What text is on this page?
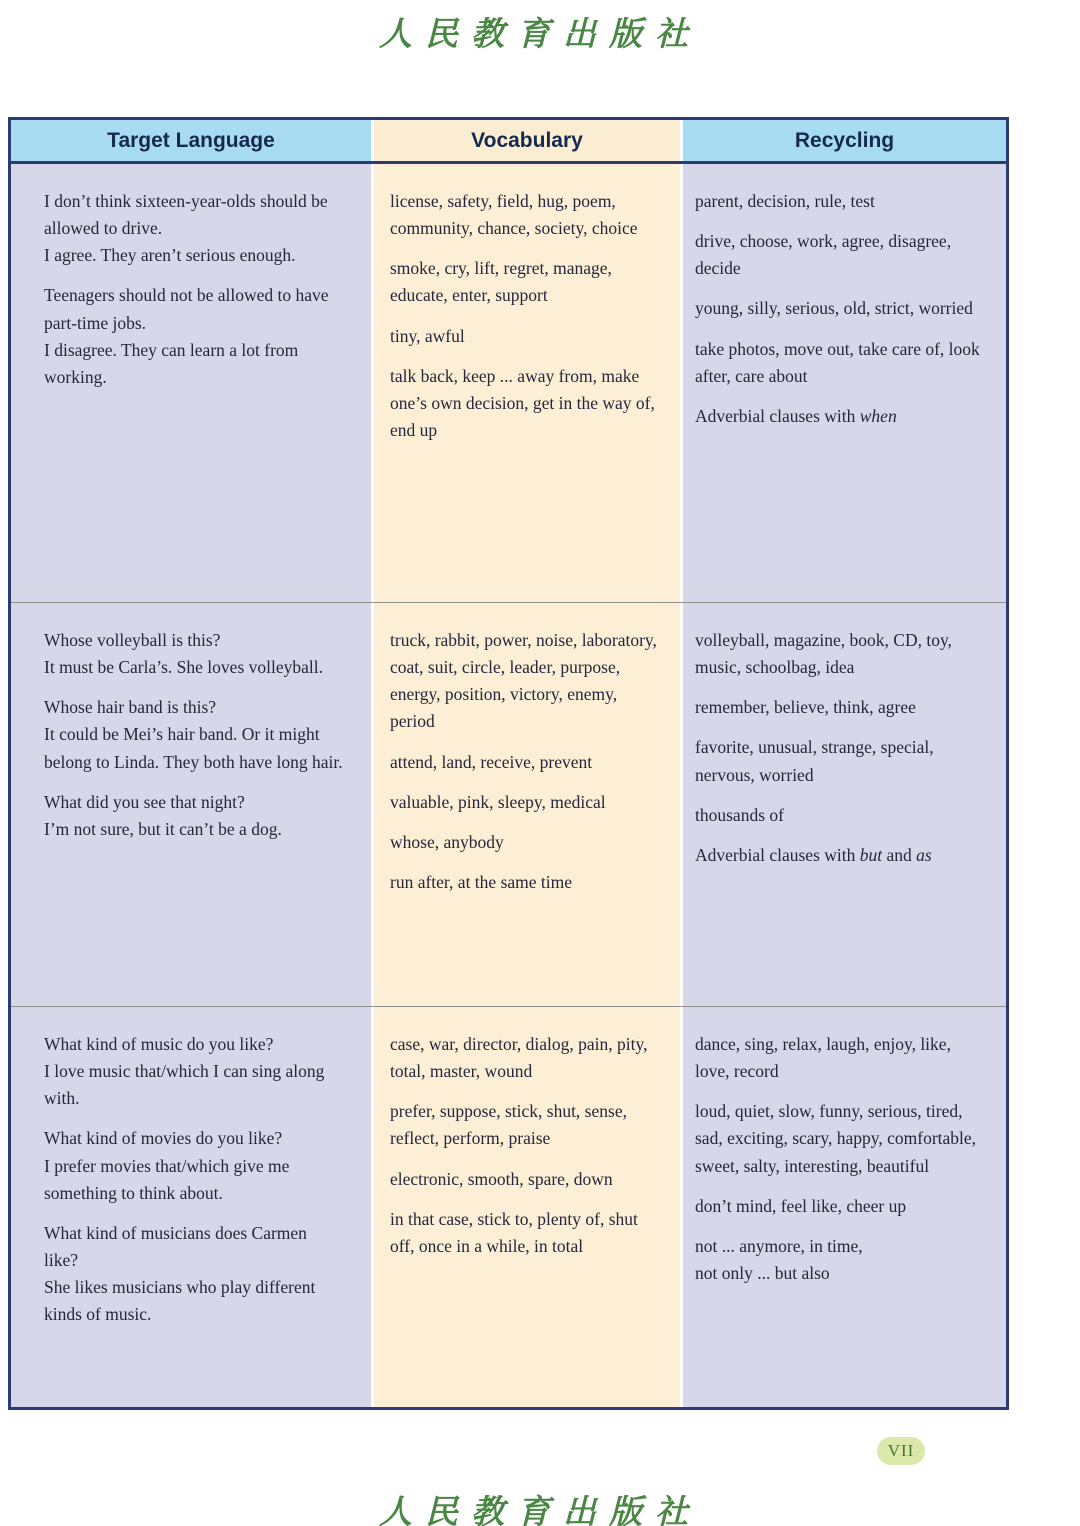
人民教育出版社
Target Language	Vocabulary	Recycling
I don’t think sixteen-year-olds should be allowed to drive.
I agree. They aren’t serious enough.
Teenagers should not be allowed to have part-time jobs.
I disagree. They can learn a lot from working.
license, safety, field, hug, poem, community, chance, society, choice
smoke, cry, lift, regret, manage, educate, enter, support
tiny, awful
talk back, keep ... away from, make one’s own decision, get in the way of, end up
parent, decision, rule, test
drive, choose, work, agree, disagree, decide
young, silly, serious, old, strict, worried
take photos, move out, take care of, look after, care about
Adverbial clauses with when
Whose volleyball is this?
It must be Carla’s. She loves volleyball.
Whose hair band is this?
It could be Mei’s hair band. Or it might belong to Linda. They both have long hair.
What did you see that night?
I’m not sure, but it can’t be a dog.
truck, rabbit, power, noise, laboratory, coat, suit, circle, leader, purpose, energy, position, victory, enemy, period
attend, land, receive, prevent
valuable, pink, sleepy, medical
whose, anybody
run after, at the same time
volleyball, magazine, book, CD, toy, music, schoolbag, idea
remember, believe, think, agree
favorite, unusual, strange, special, nervous, worried
thousands of
Adverbial clauses with but and as
What kind of music do you like?
I love music that/which I can sing along with.
What kind of movies do you like?
I prefer movies that/which give me something to think about.
What kind of musicians does Carmen like?
She likes musicians who play different kinds of music.
case, war, director, dialog, pain, pity, total, master, wound
prefer, suppose, stick, shut, sense, reflect, perform, praise
electronic, smooth, spare, down
in that case, stick to, plenty of, shut off, once in a while, in total
dance, sing, relax, laugh, enjoy, like, love, record
loud, quiet, slow, funny, serious, tired, sad, exciting, scary, happy, comfortable, sweet, salty, interesting, beautiful
don’t mind, feel like, cheer up
not ... anymore, in time,
not only ... but also
VII
人民教育出版社
